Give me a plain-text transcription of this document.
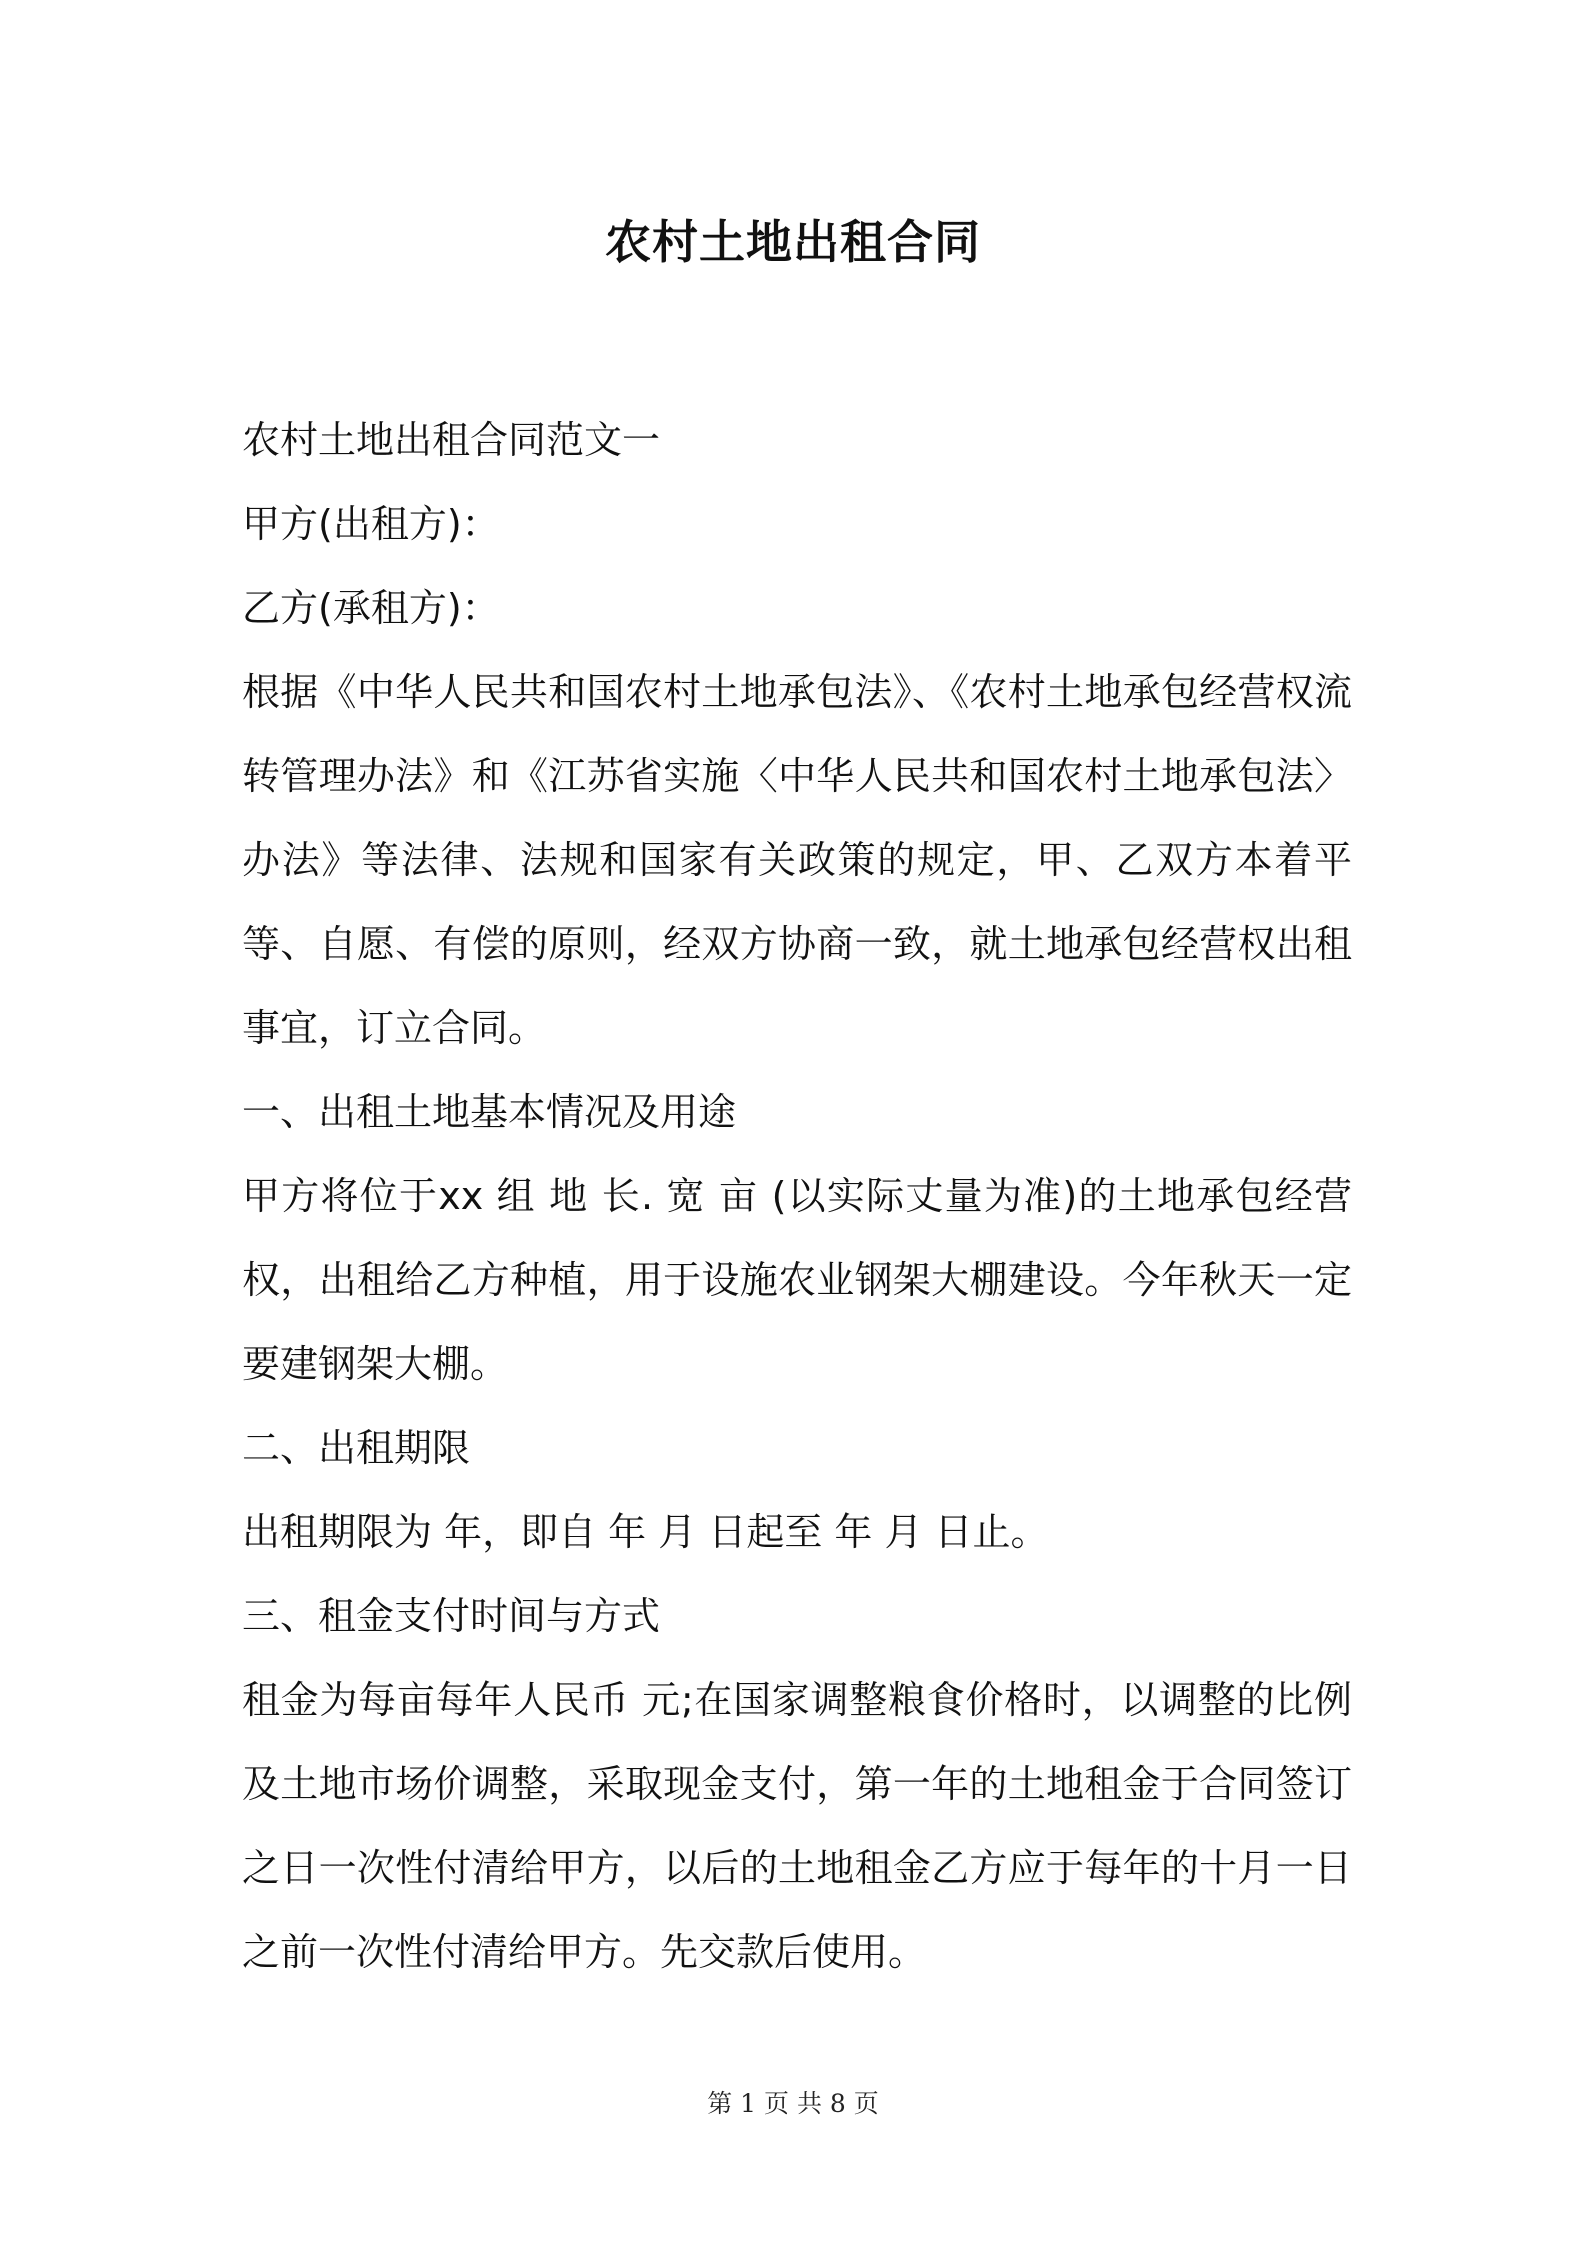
农村土地出租合同

农村土地出租合同范文一

甲方(出租方)：

乙方(承租方)：

根据《中华人民共和国农村土地承包法》、《农村土地承包经营权流转管理办法》和《江苏省实施〈中华人民共和国农村土地承包法〉办法》等法律、法规和国家有关政策的规定，甲、乙双方本着平等、自愿、有偿的原则，经双方协商一致，就土地承包经营权出租事宜，订立合同。

一、出租土地基本情况及用途

甲方将位于xx 组 地 长. 宽 亩 (以实际丈量为准)的土地承包经营权，出租给乙方种植，用于设施农业钢架大棚建设。今年秋天一定要建钢架大棚。

二、出租期限

出租期限为 年，即自 年 月 日起至 年 月 日止。

三、租金支付时间与方式

租金为每亩每年人民币 元;在国家调整粮食价格时，以调整的比例及土地市场价调整，采取现金支付，第一年的土地租金于合同签订之日一次性付清给甲方，以后的土地租金乙方应于每年的十月一日之前一次性付清给甲方。先交款后使用。

第 1 页 共 8 页
